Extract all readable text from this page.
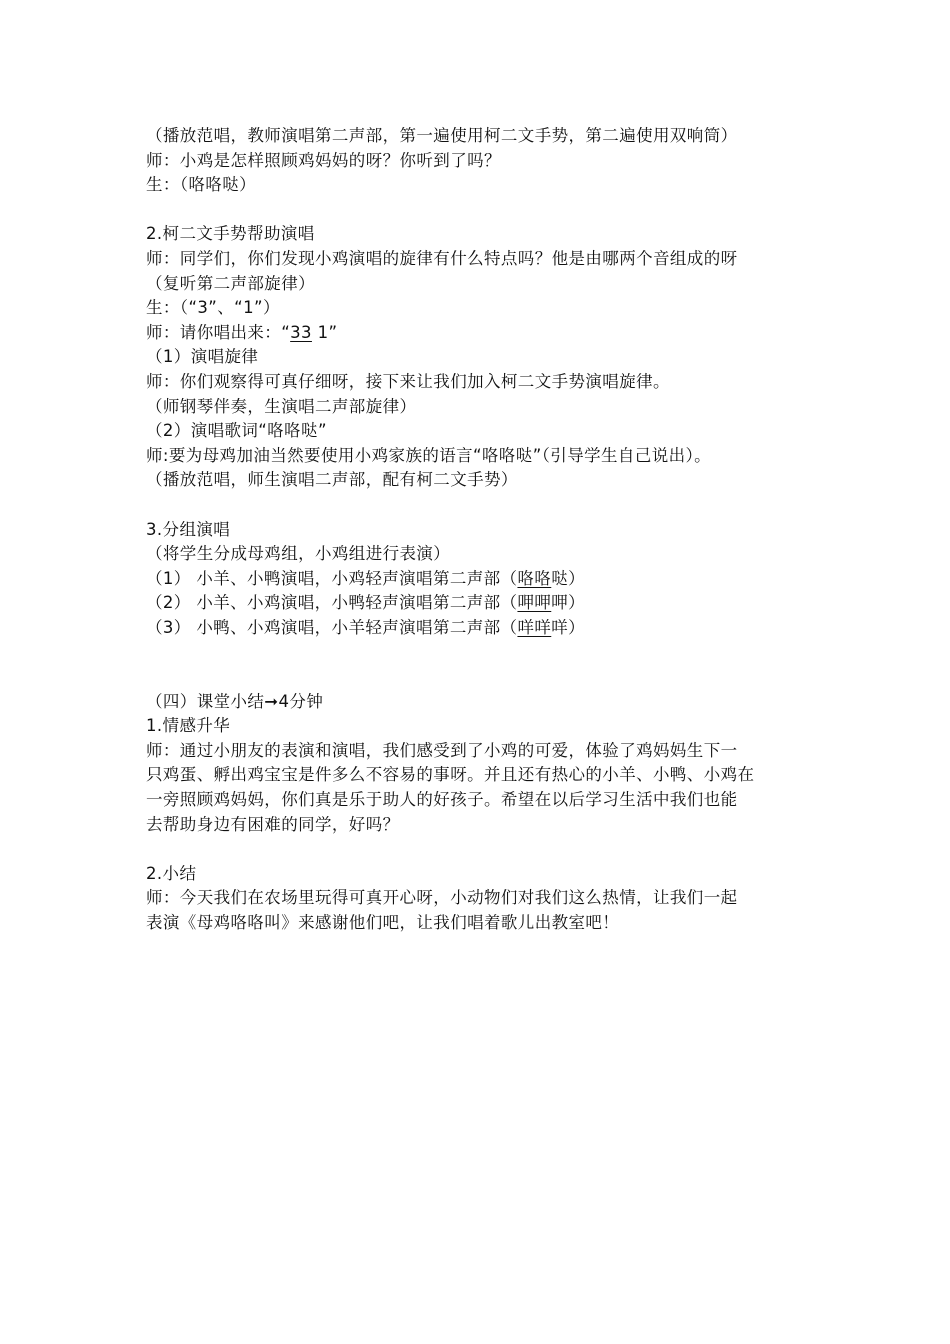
（播放范唱，教师演唱第二声部，第一遍使用柯二文手势，第二遍使用双响筒）
师：小鸡是怎样照顾鸡妈妈的呀？你听到了吗？
生：（咯咯哒）
2.柯二文手势帮助演唱
师：同学们，你们发现小鸡演唱的旋律有什么特点吗？他是由哪两个音组成的呀
（复听第二声部旋律）
生：（“3”、“1”）
师：请你唱出来：“33 1”
（1）演唱旋律
师：你们观察得可真仔细呀，接下来让我们加入柯二文手势演唱旋律。
（师钢琴伴奏，生演唱二声部旋律）
（2）演唱歌词“咯咯哒”
师:要为母鸡加油当然要使用小鸡家族的语言“咯咯哒”（引导学生自己说出）。
（播放范唱，师生演唱二声部，配有柯二文手势）
3.分组演唱
（将学生分成母鸡组，小鸡组进行表演）
（1） 小羊、小鸭演唱，小鸡轻声演唱第二声部（咯咯哒）
（2） 小羊、小鸡演唱，小鸭轻声演唱第二声部（呷呷呷）
（3） 小鸭、小鸡演唱，小羊轻声演唱第二声部（咩咩咩）
（四）课堂小结➞4分钟
1.情感升华
师：通过小朋友的表演和演唱，我们感受到了小鸡的可爱，体验了鸡妈妈生下一
只鸡蛋、孵出鸡宝宝是件多么不容易的事呀。并且还有热心的小羊、小鸭、小鸡在
一旁照顾鸡妈妈，你们真是乐于助人的好孩子。希望在以后学习生活中我们也能
去帮助身边有困难的同学，好吗？
2.小结
师：今天我们在农场里玩得可真开心呀，小动物们对我们这么热情，让我们一起
表演《母鸡咯咯叫》来感谢他们吧，让我们唱着歌儿出教室吧！
